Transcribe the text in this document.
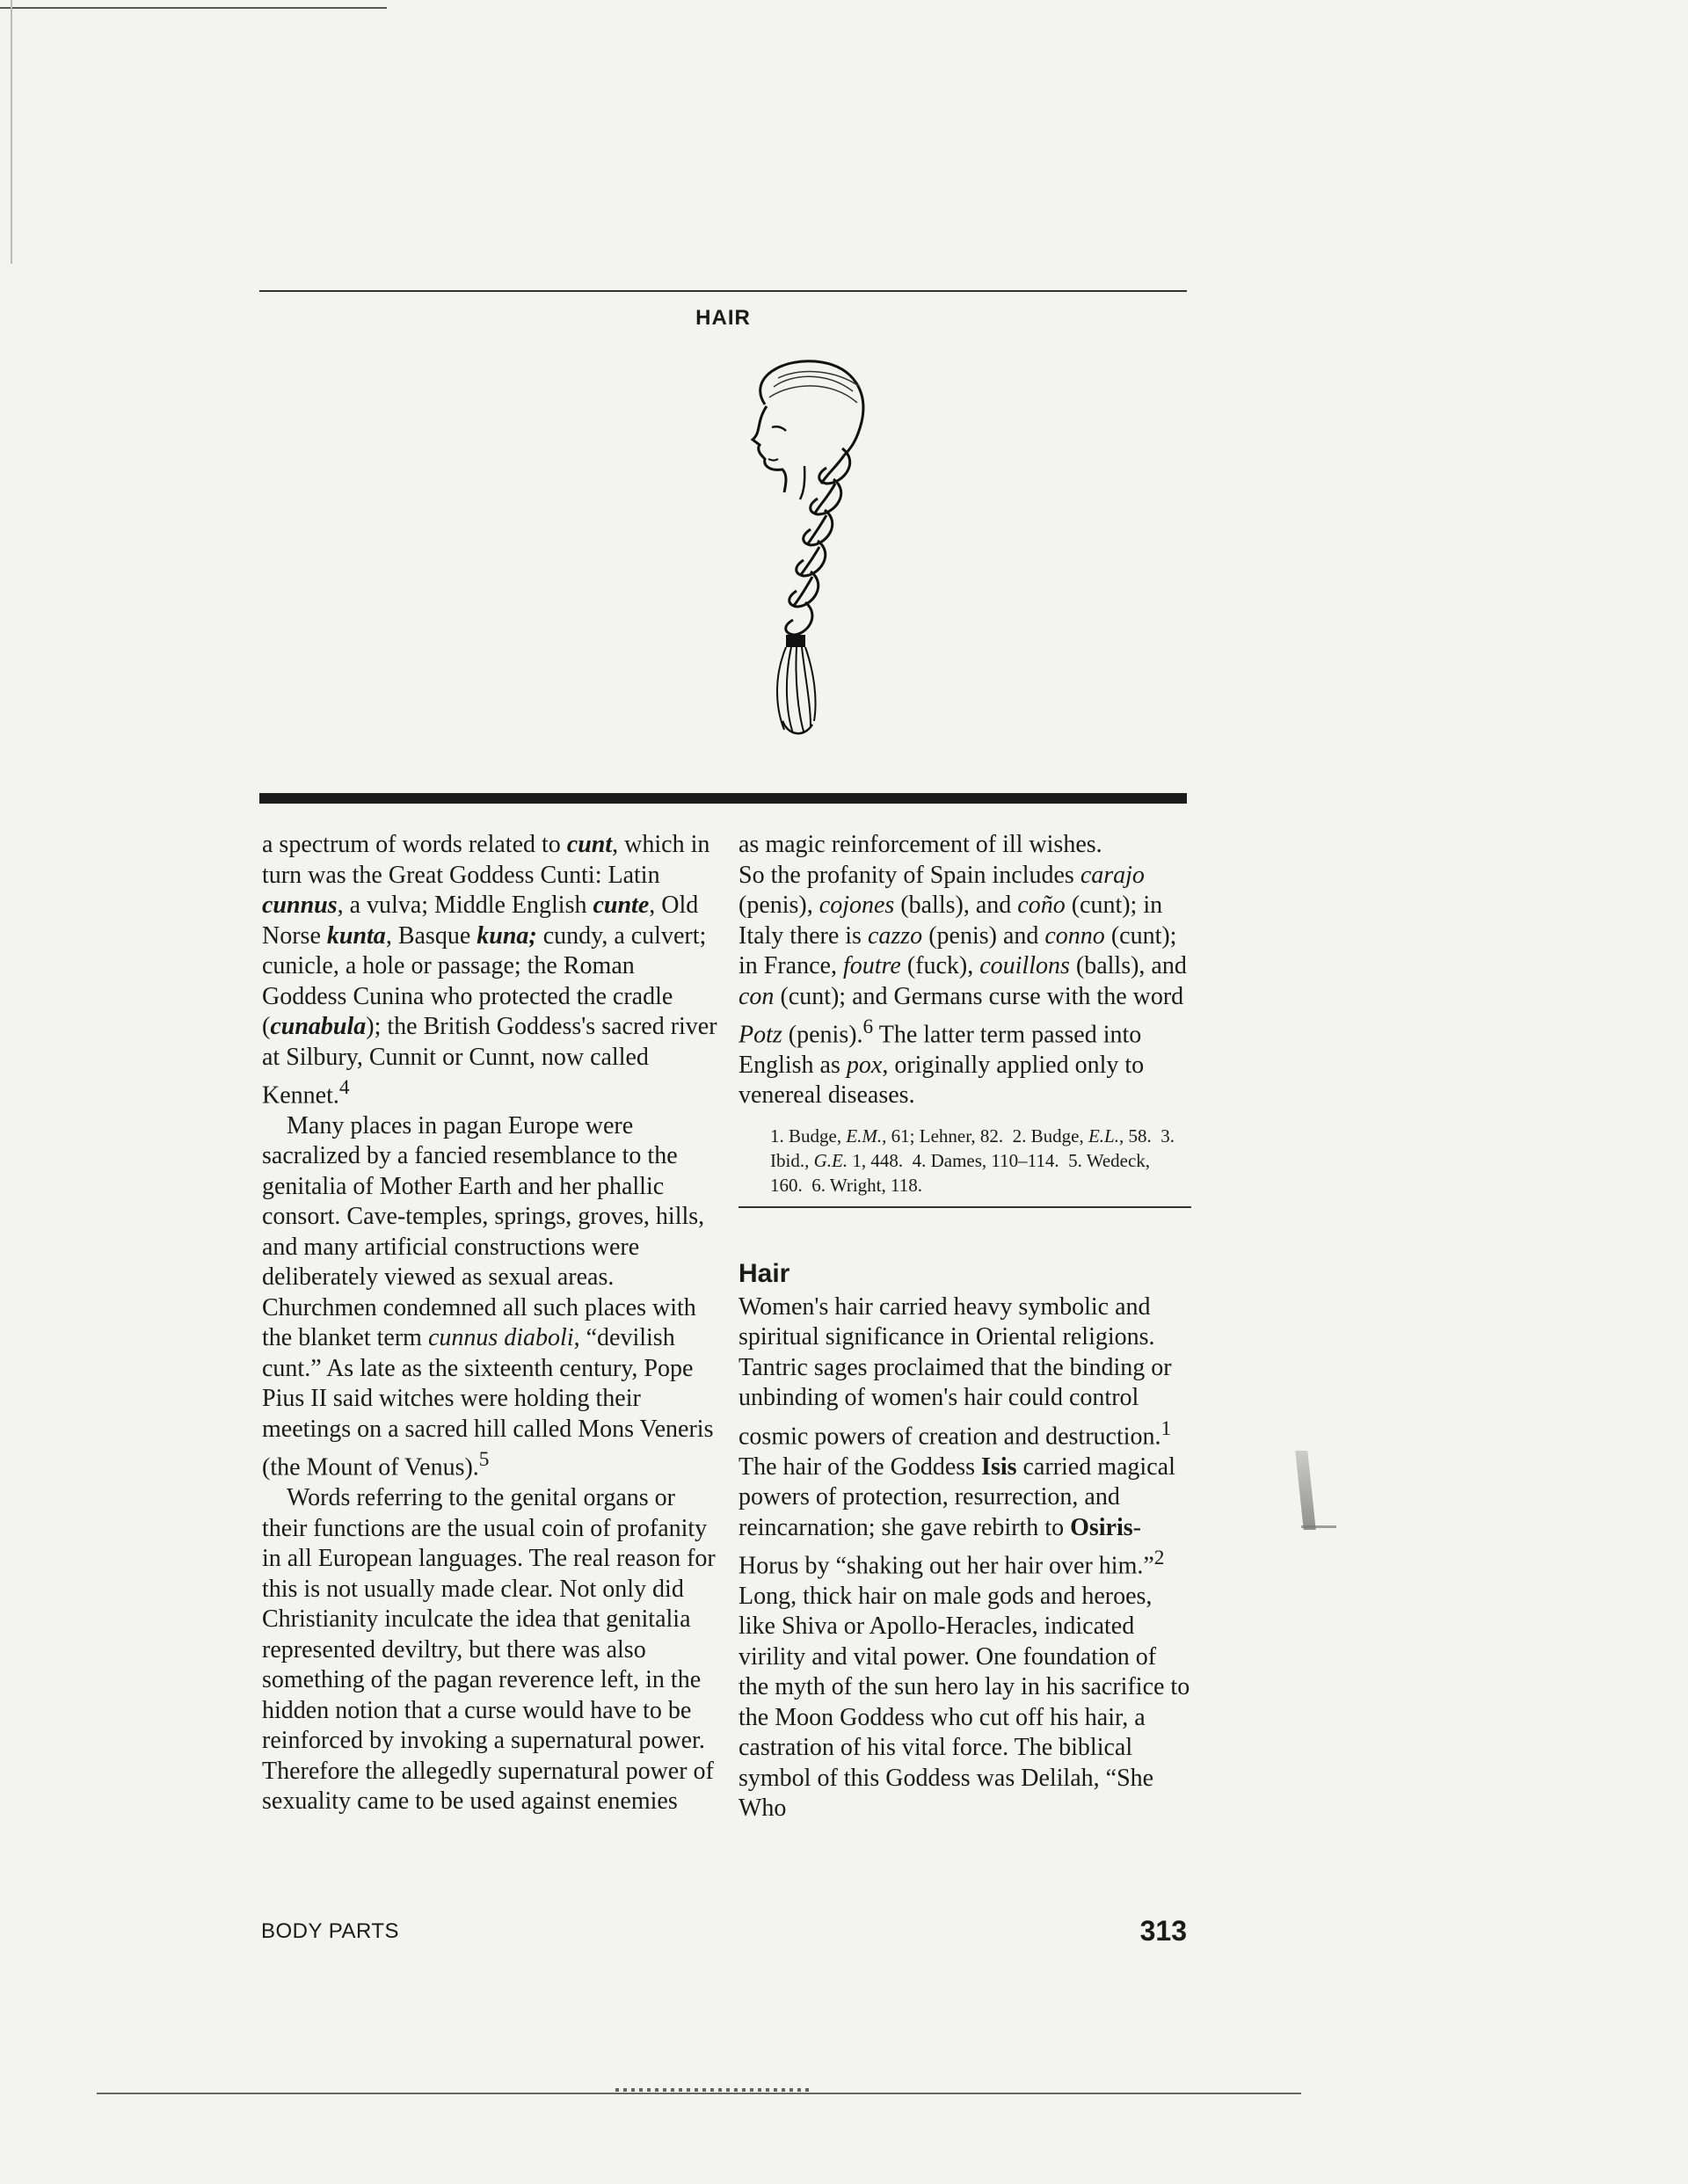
HAIR

a spectrum of words related to cunt, which in turn was the Great Goddess Cunti: Latin cunnus, a vulva; Middle English cunte, Old Norse kunta, Basque kuna; cundy, a culvert; cunicle, a hole or passage; the Roman Goddess Cunina who protected the cradle (cunabula); the British Goddess's sacred river at Silbury, Cunnit or Cunnt, now called Kennet.$^4$

Many places in pagan Europe were sacralized by a fancied resemblance to the genitalia of Mother Earth and her phallic consort. Cave-temples, springs, groves, hills, and many artificial constructions were deliberately viewed as sexual areas. Churchmen condemned all such places with the blanket term cunnus diaboli, “devilish cunt.” As late as the sixteenth century, Pope Pius II said witches were holding their meetings on a sacred hill called Mons Veneris (the Mount of Venus).$^5$

Words referring to the genital organs or their functions are the usual coin of profanity in all European languages. The real reason for this is not usually made clear. Not only did Christianity inculcate the idea that genitalia represented deviltry, but there was also something of the pagan reverence left, in the hidden notion that a curse would have to be reinforced by invoking a supernatural power. Therefore the allegedly supernatural power of sexuality came to be used against enemies

as magic reinforcement of ill wishes.

So the profanity of Spain includes carajo (penis), cojones (balls), and coño (cunt); in Italy there is cazzo (penis) and conno (cunt); in France, foutre (fuck), couillons (balls), and con (cunt); and Germans curse with the word Potz (penis).$^6$ The latter term passed into English as pox, originally applied only to venereal diseases.

1. Budge, E.M., 61; Lehner, 82.  2. Budge, E.L., 58.  3. Ibid., G.E. 1, 448.  4. Dames, 110–114.  5. Wedeck, 160.  6. Wright, 118.
Hair

Women's hair carried heavy symbolic and spiritual significance in Oriental religions. Tantric sages proclaimed that the binding or unbinding of women's hair could control cosmic powers of creation and destruction.$^1$ The hair of the Goddess Isis carried magical powers of protection, resurrection, and reincarnation; she gave rebirth to Osiris-Horus by “shaking out her hair over him.”$^2$ Long, thick hair on male gods and heroes, like Shiva or Apollo-Heracles, indicated virility and vital power. One foundation of the myth of the sun hero lay in his sacrifice to the Moon Goddess who cut off his hair, a castration of his vital force. The biblical symbol of this Goddess was Delilah, “She Who

BODY PARTS	313
